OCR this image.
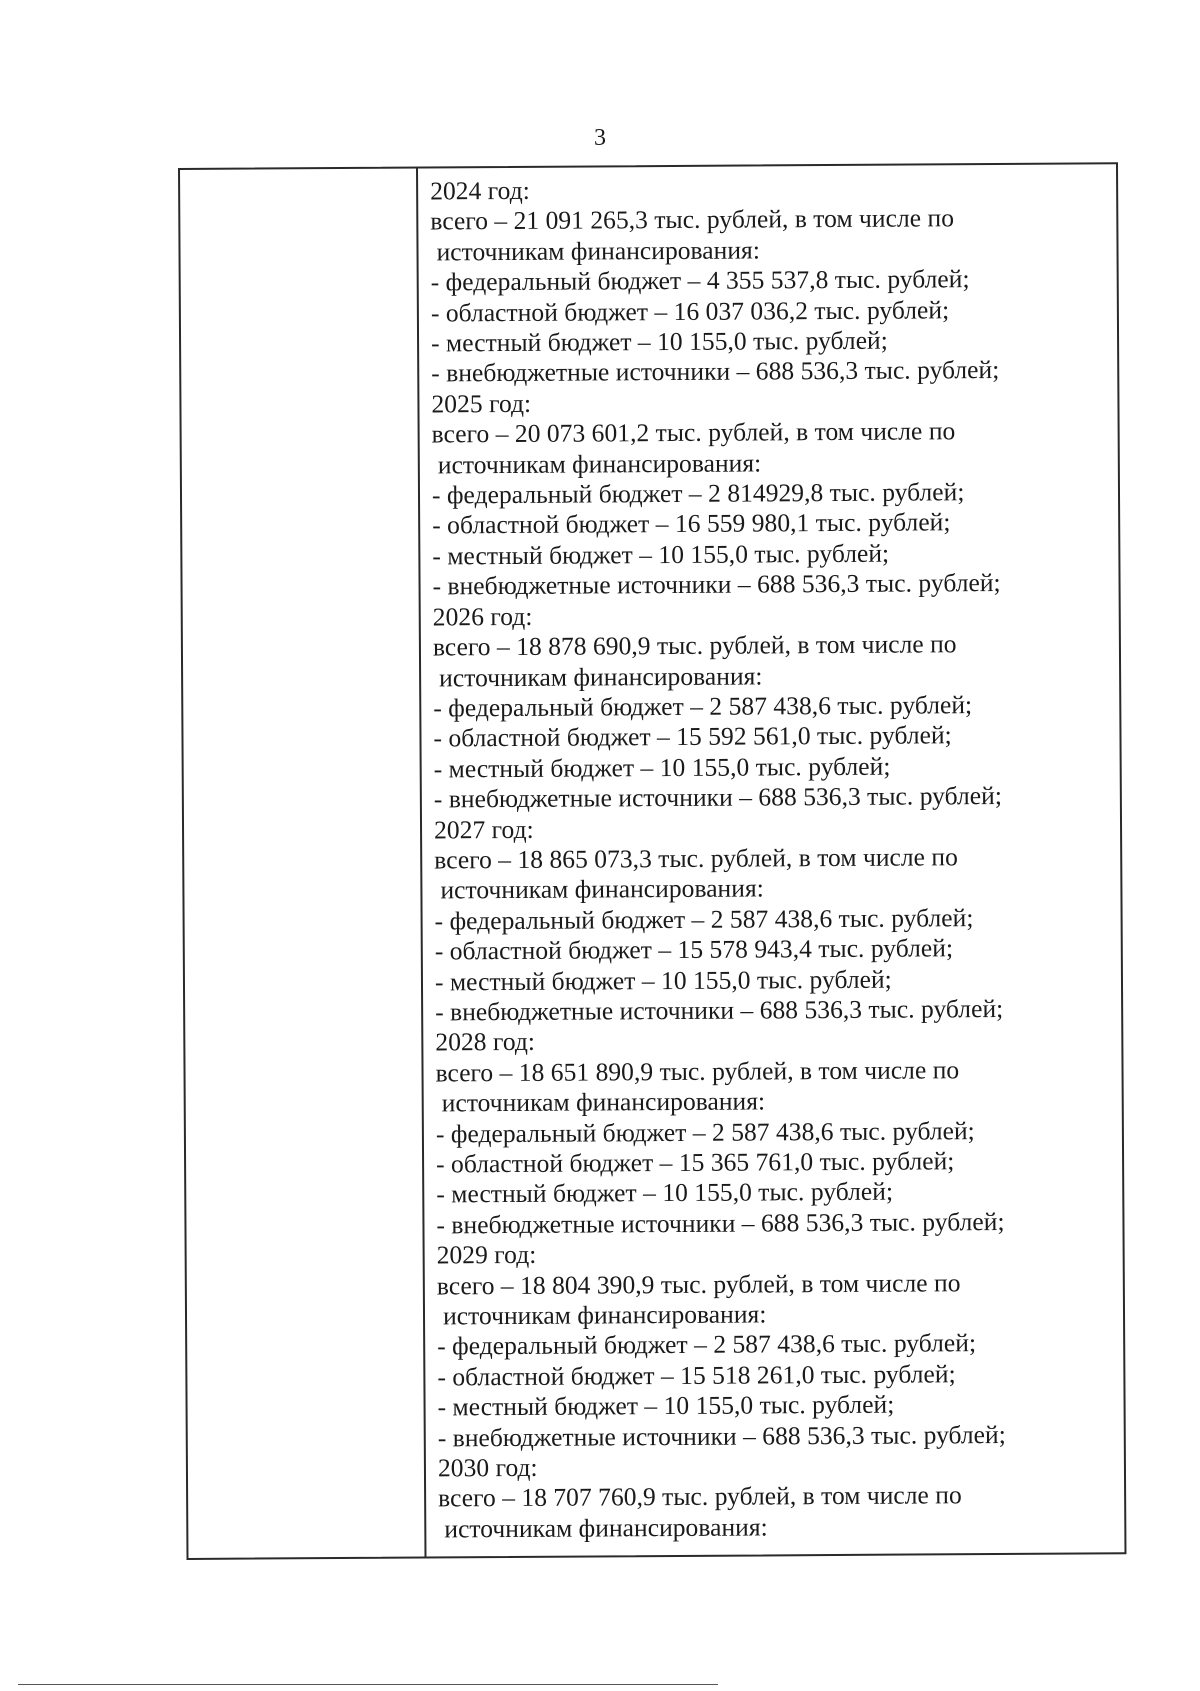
3
2024 год:
всего – 21 091 265,3 тыс. рублей, в том числе по
источникам финансирования:
- федеральный бюджет – 4 355 537,8 тыс. рублей;
- областной бюджет – 16 037 036,2 тыс. рублей;
- местный бюджет – 10 155,0 тыс. рублей;
- внебюджетные источники – 688 536,3 тыс. рублей;
2025 год:
всего – 20 073 601,2 тыс. рублей, в том числе по
источникам финансирования:
- федеральный бюджет – 2 814929,8 тыс. рублей;
- областной бюджет – 16 559 980,1 тыс. рублей;
- местный бюджет – 10 155,0 тыс. рублей;
- внебюджетные источники – 688 536,3 тыс. рублей;
2026 год:
всего – 18 878 690,9 тыс. рублей, в том числе по
источникам финансирования:
- федеральный бюджет – 2 587 438,6 тыс. рублей;
- областной бюджет – 15 592 561,0 тыс. рублей;
- местный бюджет – 10 155,0 тыс. рублей;
- внебюджетные источники – 688 536,3 тыс. рублей;
2027 год:
всего – 18 865 073,3 тыс. рублей, в том числе по
источникам финансирования:
- федеральный бюджет – 2 587 438,6 тыс. рублей;
- областной бюджет – 15 578 943,4 тыс. рублей;
- местный бюджет – 10 155,0 тыс. рублей;
- внебюджетные источники – 688 536,3 тыс. рублей;
2028 год:
всего – 18 651 890,9 тыс. рублей, в том числе по
источникам финансирования:
- федеральный бюджет – 2 587 438,6 тыс. рублей;
- областной бюджет – 15 365 761,0 тыс. рублей;
- местный бюджет – 10 155,0 тыс. рублей;
- внебюджетные источники – 688 536,3 тыс. рублей;
2029 год:
всего – 18 804 390,9 тыс. рублей, в том числе по
источникам финансирования:
- федеральный бюджет – 2 587 438,6 тыс. рублей;
- областной бюджет – 15 518 261,0 тыс. рублей;
- местный бюджет – 10 155,0 тыс. рублей;
- внебюджетные источники – 688 536,3 тыс. рублей;
2030 год:
всего – 18 707 760,9 тыс. рублей, в том числе по
источникам финансирования:
